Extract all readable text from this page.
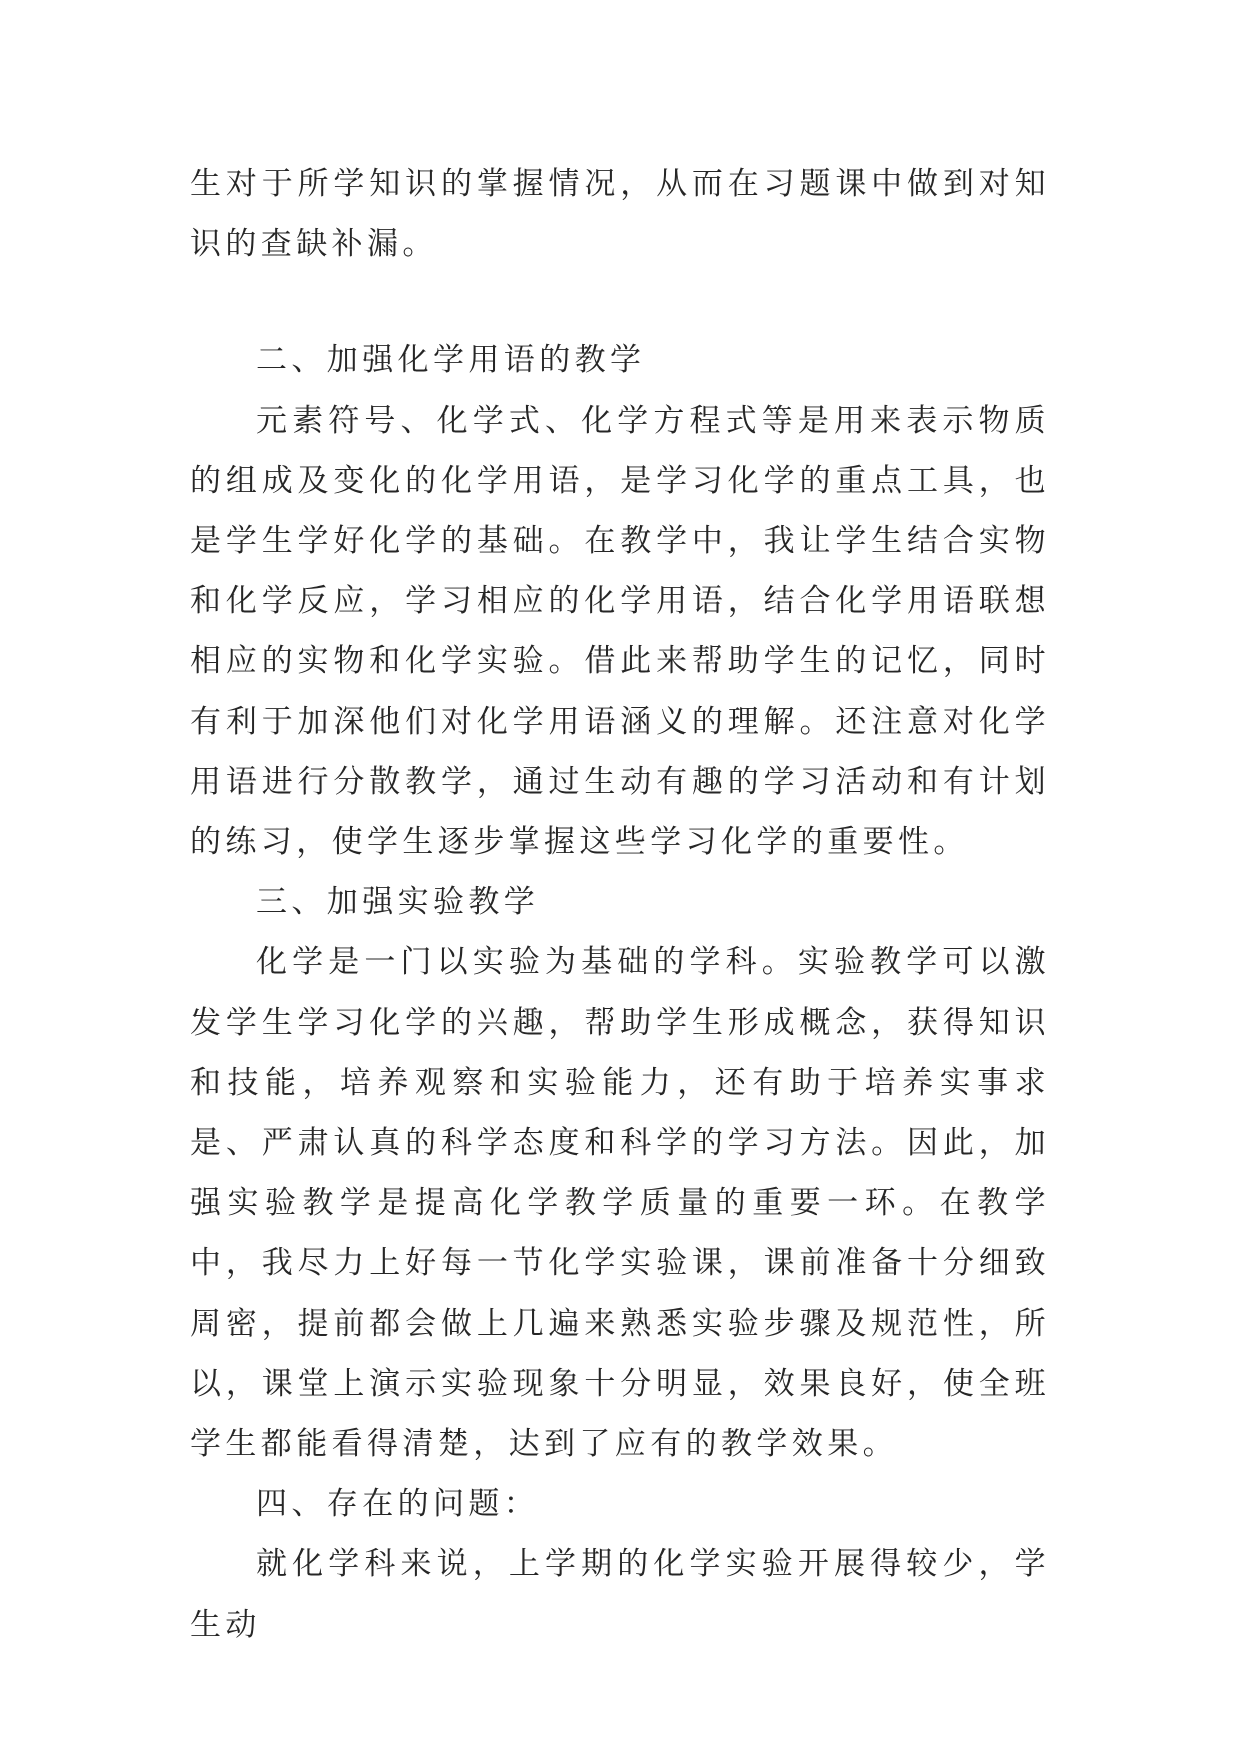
生对于所学知识的掌握情况，从而在习题课中做到对知识的查缺补漏。

二、加强化学用语的教学

元素符号、化学式、化学方程式等是用来表示物质的组成及变化的化学用语，是学习化学的重点工具，也是学生学好化学的基础。在教学中，我让学生结合实物和化学反应，学习相应的化学用语，结合化学用语联想相应的实物和化学实验。借此来帮助学生的记忆，同时有利于加深他们对化学用语涵义的理解。还注意对化学用语进行分散教学，通过生动有趣的学习活动和有计划的练习，使学生逐步掌握这些学习化学的重要性。

三、加强实验教学

化学是一门以实验为基础的学科。实验教学可以激发学生学习化学的兴趣，帮助学生形成概念，获得知识和技能，培养观察和实验能力，还有助于培养实事求是、严肃认真的科学态度和科学的学习方法。因此，加强实验教学是提高化学教学质量的重要一环。在教学中，我尽力上好每一节化学实验课，课前准备十分细致周密，提前都会做上几遍来熟悉实验步骤及规范性，所以，课堂上演示实验现象十分明显，效果良好，使全班学生都能看得清楚，达到了应有的教学效果。

四、存在的问题：

就化学科来说，上学期的化学实验开展得较少，学生动
